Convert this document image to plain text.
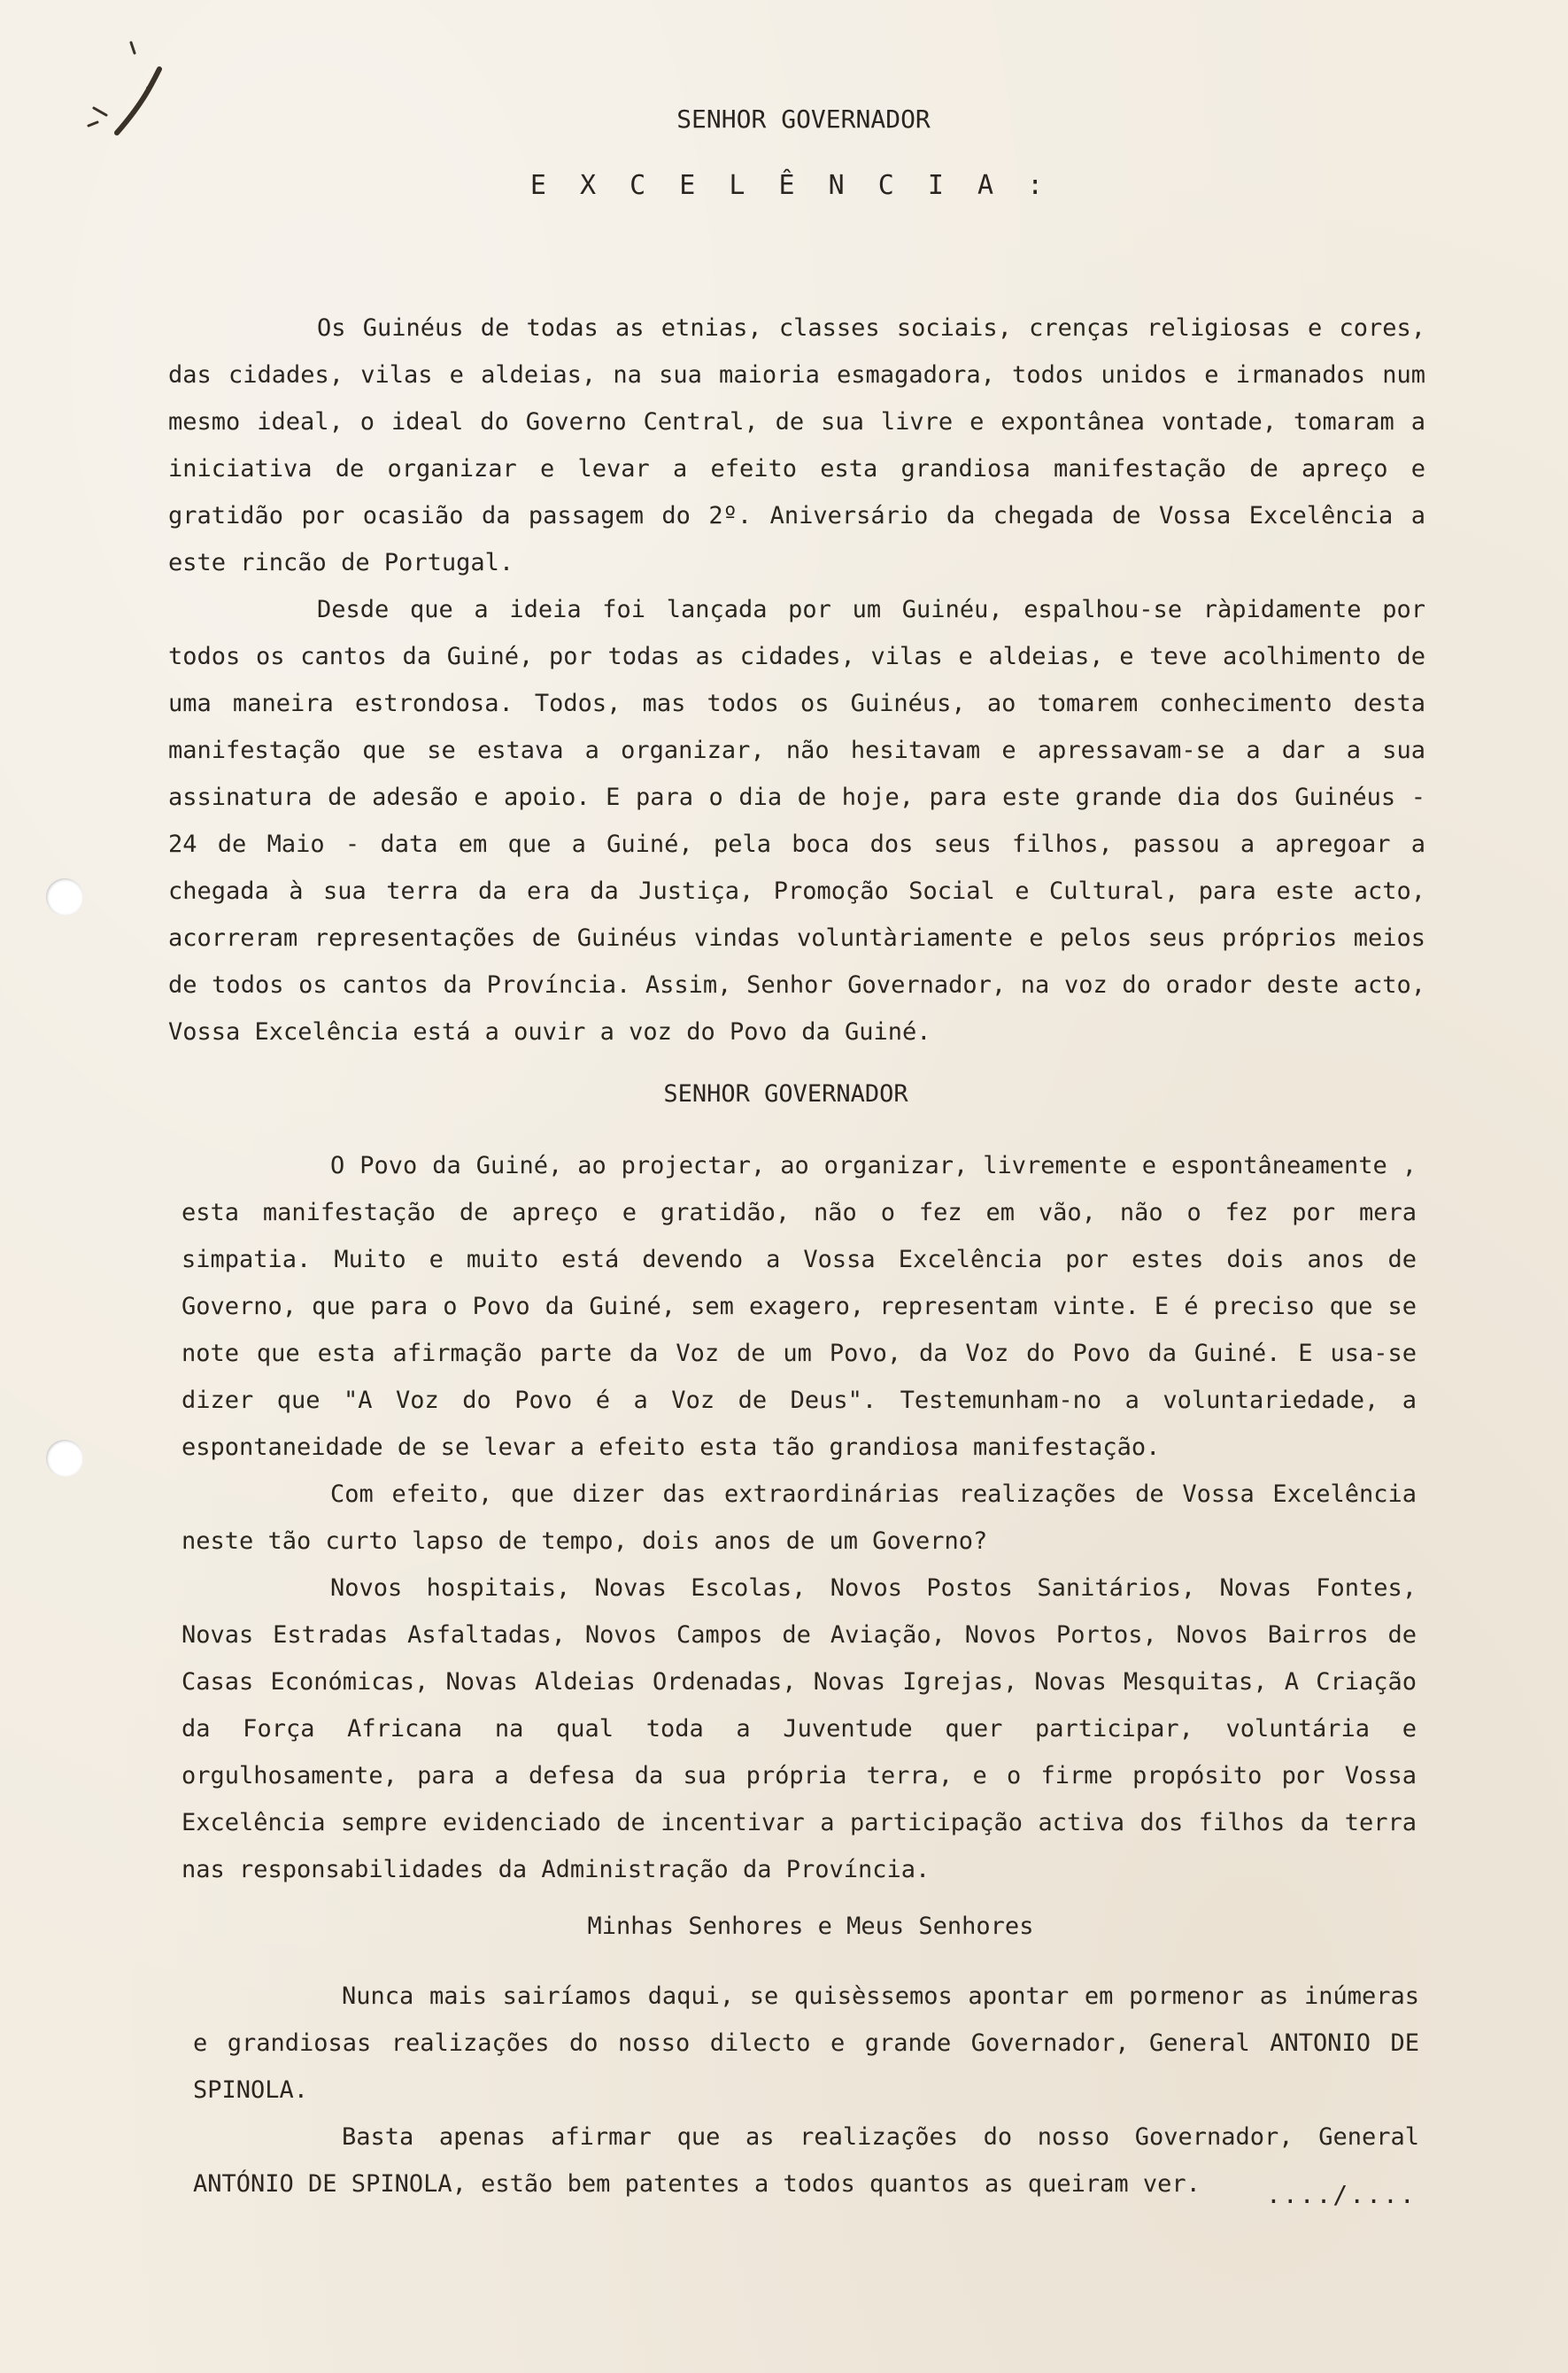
SENHOR GOVERNADOR
E X C E L Ê N C I A :

Os Guinéus de todas as etnias, classes sociais, crenças religiosas e cores, das cidades, vilas e aldeias, na sua maioria esmagadora, todos unidos e irmanados num mesmo ideal, o ideal do Governo Central, de sua livre e expontânea vontade, tomaram a iniciativa de organizar e levar a efeito esta grandiosa manifestação de apreço e gratidão por ocasião da passagem do 2º. Aniversário da chegada de Vossa Excelência a este rincão de Portugal.

Desde que a ideia foi lançada por um Guinéu, espalhou-se ràpidamente por todos os cantos da Guiné, por todas as cidades, vilas e aldeias, e teve acolhimento de uma maneira estrondosa. Todos, mas todos os Guinéus, ao tomarem conhecimento desta manifestação que se estava a organizar, não hesitavam e apressavam-se a dar a sua assinatura de adesão e apoio. E para o dia de hoje, para este grande dia dos Guinéus - 24 de Maio - data em que a Guiné, pela boca dos seus filhos, passou a apregoar a chegada à sua terra da era da Justiça, Promoção Social e Cultural, para este acto, acorreram representações de Guinéus vindas voluntàriamente e pelos seus próprios meios de todos os cantos da Província. Assim, Senhor Governador, na voz do orador deste acto, Vossa Excelência está a ouvir a voz do Povo da Guiné.

SENHOR GOVERNADOR

O Povo da Guiné, ao projectar, ao organizar, livremente e espontâneamente , esta manifestação de apreço e gratidão, não o fez em vão, não o fez por mera simpatia. Muito e muito está devendo a Vossa Excelência por estes dois anos de Governo, que para o Povo da Guiné, sem exagero, representam vinte. E é preciso que se note que esta afirmação parte da Voz de um Povo, da Voz do Povo da Guiné. E usa-se dizer que "A Voz do Povo é a Voz de Deus". Testemunham-no a voluntariedade, a espontaneidade de se levar a efeito esta tão grandiosa manifestação.

Com efeito, que dizer das extraordinárias realizações de Vossa Excelência neste tão curto lapso de tempo, dois anos de um Governo?

Novos hospitais, Novas Escolas, Novos Postos Sanitários, Novas Fontes, Novas Estradas Asfaltadas, Novos Campos de Aviação, Novos Portos, Novos Bairros de Casas Económicas, Novas Aldeias Ordenadas, Novas Igrejas, Novas Mesquitas, A Criação da Força Africana na qual toda a Juventude quer participar, voluntária e orgulhosamente, para a defesa da sua própria terra, e o firme propósito por Vossa Excelência sempre evidenciado de incentivar a participação activa dos filhos da terra nas responsabilidades da Administração da Província.

Minhas Senhores e Meus Senhores

Nunca mais sairíamos daqui, se quisèssemos apontar em pormenor as inúmeras e grandiosas realizações do nosso dilecto e grande Governador, General ANTONIO DE SPINOLA.

Basta apenas afirmar que as realizações do nosso Governador, General ANTÓNIO DE SPINOLA, estão bem patentes a todos quantos as queiram ver.	..../....
